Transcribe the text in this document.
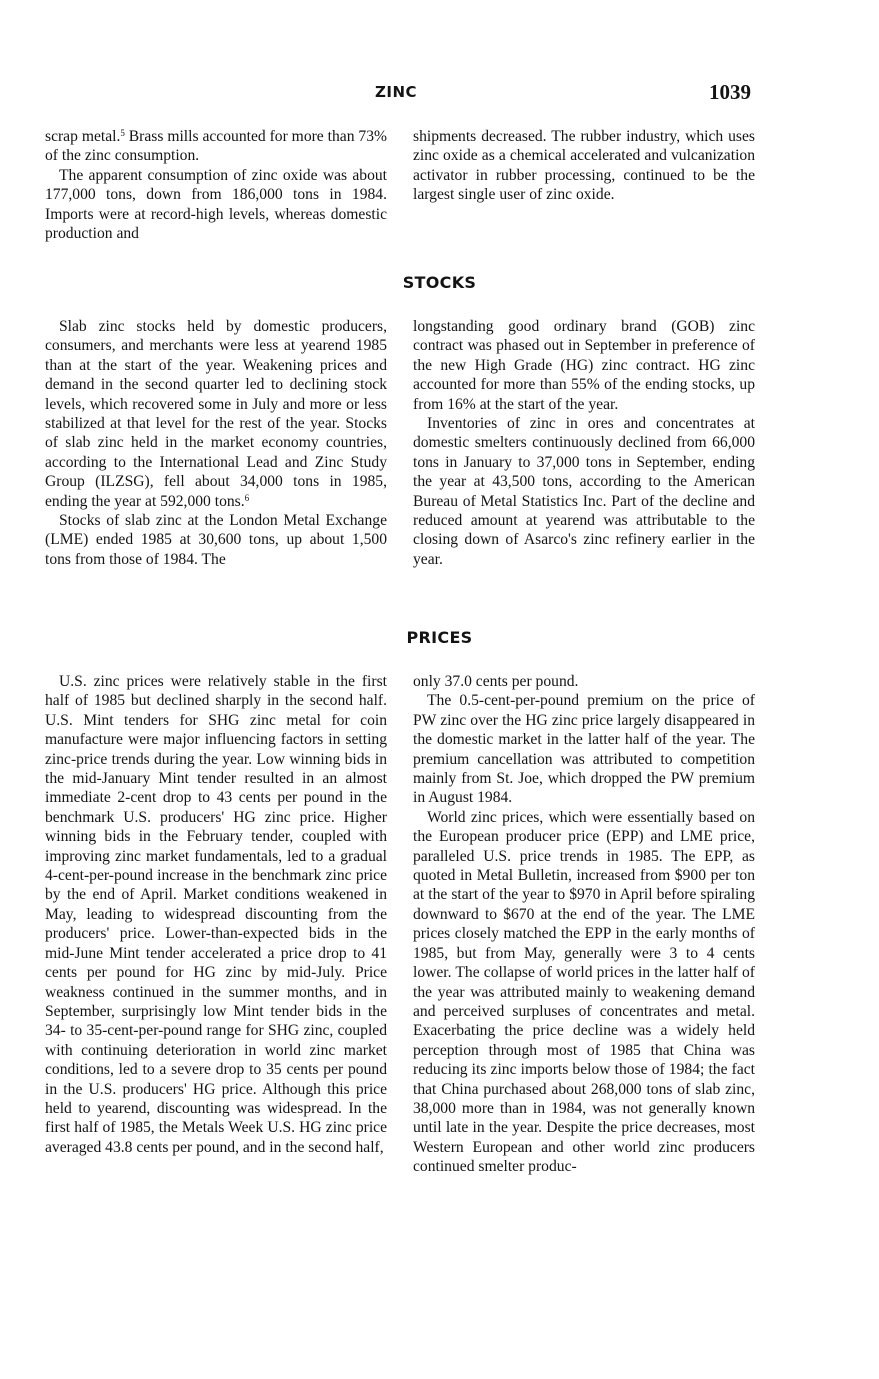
ZINC	1039

scrap metal.$^5$ Brass mills accounted for more than 73% of the zinc consumption.

The apparent consumption of zinc oxide was about 177,000 tons, down from 186,000 tons in 1984. Imports were at record-high levels, whereas domestic production and

shipments decreased. The rubber industry, which uses zinc oxide as a chemical accelerated and vulcanization activator in rubber processing, continued to be the largest single user of zinc oxide.

STOCKS

Slab zinc stocks held by domestic producers, consumers, and merchants were less at yearend 1985 than at the start of the year. Weakening prices and demand in the second quarter led to declining stock levels, which recovered some in July and more or less stabilized at that level for the rest of the year. Stocks of slab zinc held in the market economy countries, according to the International Lead and Zinc Study Group (ILZSG), fell about 34,000 tons in 1985, ending the year at 592,000 tons.$^6$

Stocks of slab zinc at the London Metal Exchange (LME) ended 1985 at 30,600 tons, up about 1,500 tons from those of 1984. The

longstanding good ordinary brand (GOB) zinc contract was phased out in September in preference of the new High Grade (HG) zinc contract. HG zinc accounted for more than 55% of the ending stocks, up from 16% at the start of the year.

Inventories of zinc in ores and concentrates at domestic smelters continuously declined from 66,000 tons in January to 37,000 tons in September, ending the year at 43,500 tons, according to the American Bureau of Metal Statistics Inc. Part of the decline and reduced amount at yearend was attributable to the closing down of Asarco's zinc refinery earlier in the year.

PRICES

U.S. zinc prices were relatively stable in the first half of 1985 but declined sharply in the second half. U.S. Mint tenders for SHG zinc metal for coin manufacture were major influencing factors in setting zinc-price trends during the year. Low winning bids in the mid-January Mint tender resulted in an almost immediate 2-cent drop to 43 cents per pound in the benchmark U.S. producers' HG zinc price. Higher winning bids in the February tender, coupled with improving zinc market fundamentals, led to a gradual 4-cent-per-pound increase in the benchmark zinc price by the end of April. Market conditions weakened in May, leading to widespread discounting from the producers' price. Lower-than-expected bids in the mid-June Mint tender accelerated a price drop to 41 cents per pound for HG zinc by mid-July. Price weakness continued in the summer months, and in September, surprisingly low Mint tender bids in the 34- to 35-cent-per-pound range for SHG zinc, coupled with continuing deterioration in world zinc market conditions, led to a severe drop to 35 cents per pound in the U.S. producers' HG price. Although this price held to yearend, discounting was widespread. In the first half of 1985, the Metals Week U.S. HG zinc price averaged 43.8 cents per pound, and in the second half,

only 37.0 cents per pound.

The 0.5-cent-per-pound premium on the price of PW zinc over the HG zinc price largely disappeared in the domestic market in the latter half of the year. The premium cancellation was attributed to competition mainly from St. Joe, which dropped the PW premium in August 1984.

World zinc prices, which were essentially based on the European producer price (EPP) and LME price, paralleled U.S. price trends in 1985. The EPP, as quoted in Metal Bulletin, increased from $900 per ton at the start of the year to $970 in April before spiraling downward to $670 at the end of the year. The LME prices closely matched the EPP in the early months of 1985, but from May, generally were 3 to 4 cents lower. The collapse of world prices in the latter half of the year was attributed mainly to weakening demand and perceived surpluses of concentrates and metal. Exacerbating the price decline was a widely held perception through most of 1985 that China was reducing its zinc imports below those of 1984; the fact that China purchased about 268,000 tons of slab zinc, 38,000 more than in 1984, was not generally known until late in the year. Despite the price decreases, most Western European and other world zinc producers continued smelter produc-
